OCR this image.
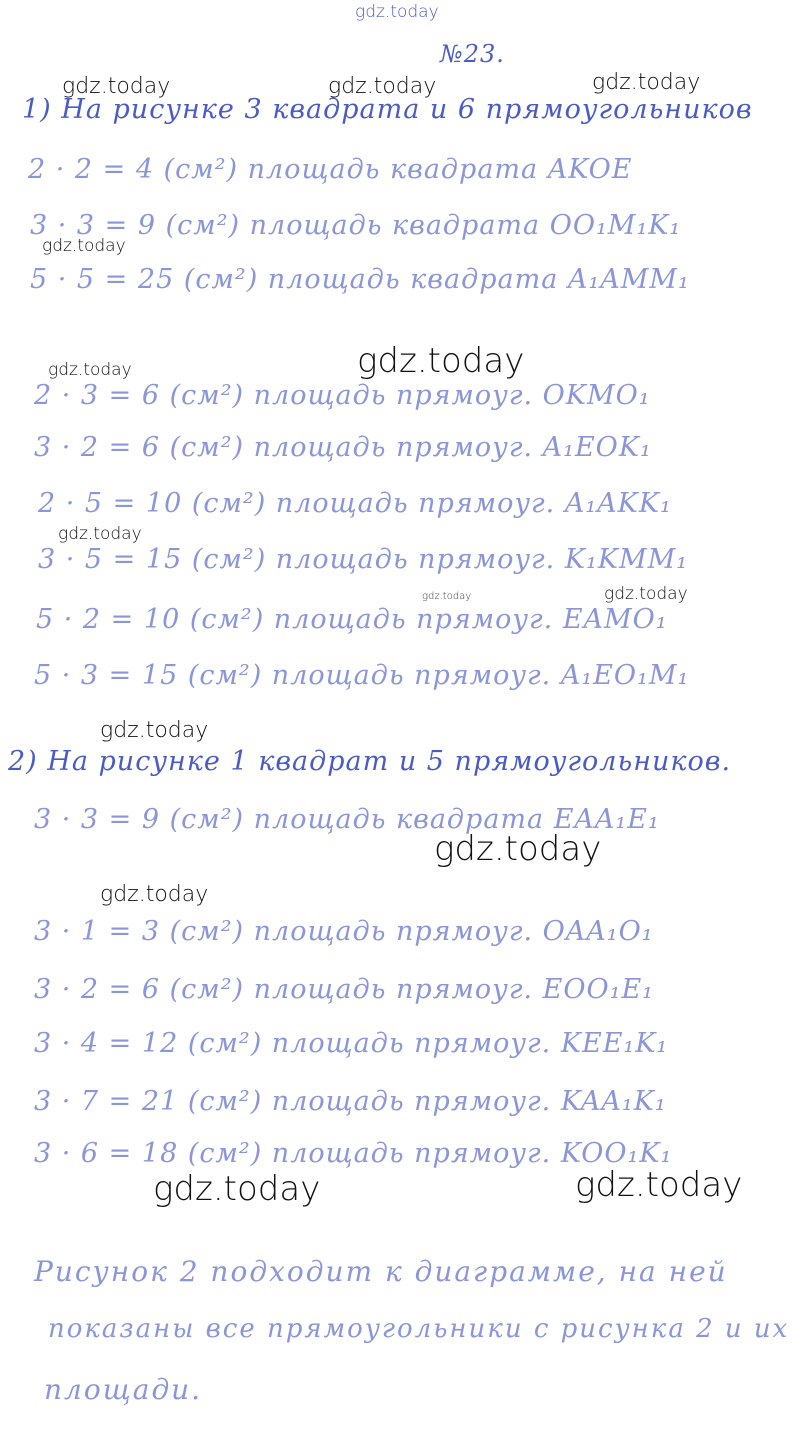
gdz.today
gdz.today	gdz.today	gdz.today
gdz.today
gdz.today
gdz.today
gdz.today
gdz.today	gdz.today
gdz.today
gdz.today
gdz.today
gdz.today	gdz.today
№23.
1) На рисунке 3 квадрата и 6 прямоугольников
2 · 2 = 4 (см²) площадь квадрата AKOE
3 · 3 = 9 (см²) площадь квадрата OO₁M₁K₁
5 · 5 = 25 (см²) площадь квадрата A₁AMM₁
2 · 3 = 6 (см²) площадь прямоуг. OKMO₁
3 · 2 = 6 (см²) площадь прямоуг. A₁EOK₁
2 · 5 = 10 (см²) площадь прямоуг. A₁AKK₁
3 · 5 = 15 (см²) площадь прямоуг. K₁KMM₁
5 · 2 = 10 (см²) площадь прямоуг. EAMO₁
5 · 3 = 15 (см²) площадь прямоуг. A₁EO₁M₁
2) На рисунке 1 квадрат и 5 прямоугольников.
3 · 3 = 9 (см²) площадь квадрата EAA₁E₁
3 · 1 = 3 (см²) площадь прямоуг. OAA₁O₁
3 · 2 = 6 (см²) площадь прямоуг. EOO₁E₁
3 · 4 = 12 (см²) площадь прямоуг. KEE₁K₁
3 · 7 = 21 (см²) площадь прямоуг. KAA₁K₁
3 · 6 = 18 (см²) площадь прямоуг. KOO₁K₁
Рисунок 2 подходит к диаграмме, на ней
показаны все прямоугольники с рисунка 2 и их
площади.
